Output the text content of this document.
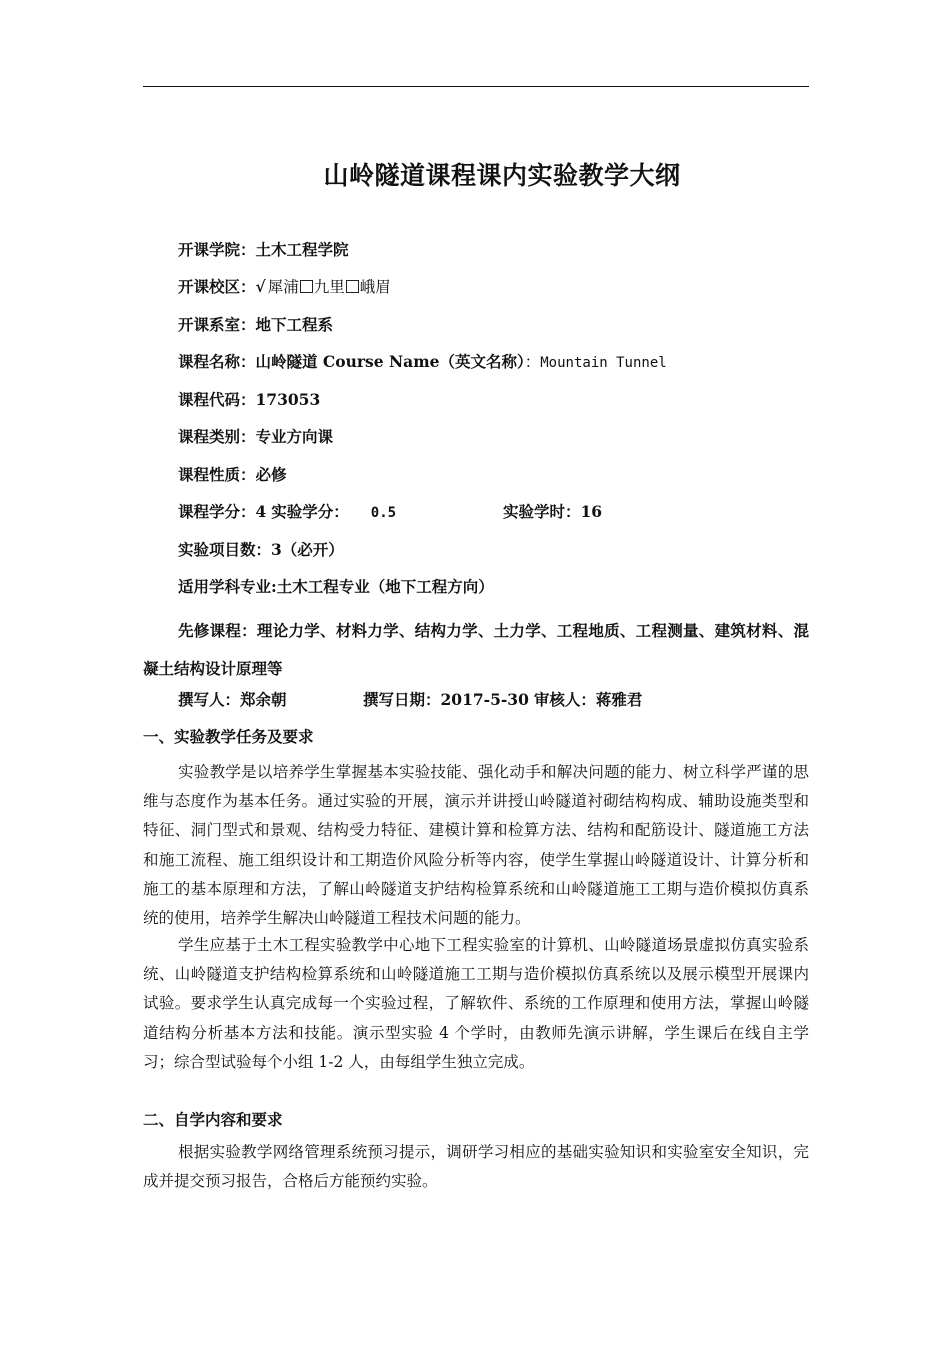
山岭隧道课程课内实验教学大纲
开课学院：土木工程学院
开课校区：√ 犀浦 九里 峨眉
开课系室：地下工程系
课程名称：山岭隧道 Course Name（英文名称）：Mountain Tunnel
课程代码：173053
课程类别：专业方向课
课程性质：必修
课程学分：4 实验学分： 0.5	实验学时：16
实验项目数：3（必开）
适用学科专业:土木工程专业（地下工程方向）
先修课程：理论力学、材料力学、结构力学、土力学、工程地质、工程测量、建筑材料、混凝土结构设计原理等
撰写人：郑余朝	撰写日期：2017-5-30 审核人：蒋雅君
一、实验教学任务及要求

实验教学是以培养学生掌握基本实验技能、强化动手和解决问题的能力、树立科学严谨的思维与态度作为基本任务。通过实验的开展，演示并讲授山岭隧道衬砌结构构成、辅助设施类型和特征、洞门型式和景观、结构受力特征、建模计算和检算方法、结构和配筋设计、隧道施工方法和施工流程、施工组织设计和工期造价风险分析等内容，使学生掌握山岭隧道设计、计算分析和施工的基本原理和方法，了解山岭隧道支护结构检算系统和山岭隧道施工工期与造价模拟仿真系统的使用，培养学生解决山岭隧道工程技术问题的能力。

学生应基于土木工程实验教学中心地下工程实验室的计算机、山岭隧道场景虚拟仿真实验系统、山岭隧道支护结构检算系统和山岭隧道施工工期与造价模拟仿真系统以及展示模型开展课内试验。要求学生认真完成每一个实验过程，了解软件、系统的工作原理和使用方法，掌握山岭隧道结构分析基本方法和技能。演示型实验 4 个学时，由教师先演示讲解，学生课后在线自主学习；综合型试验每个小组 1-2 人，由每组学生独立完成。

二、自学内容和要求

根据实验教学网络管理系统预习提示，调研学习相应的基础实验知识和实验室安全知识，完成并提交预习报告，合格后方能预约实验。
